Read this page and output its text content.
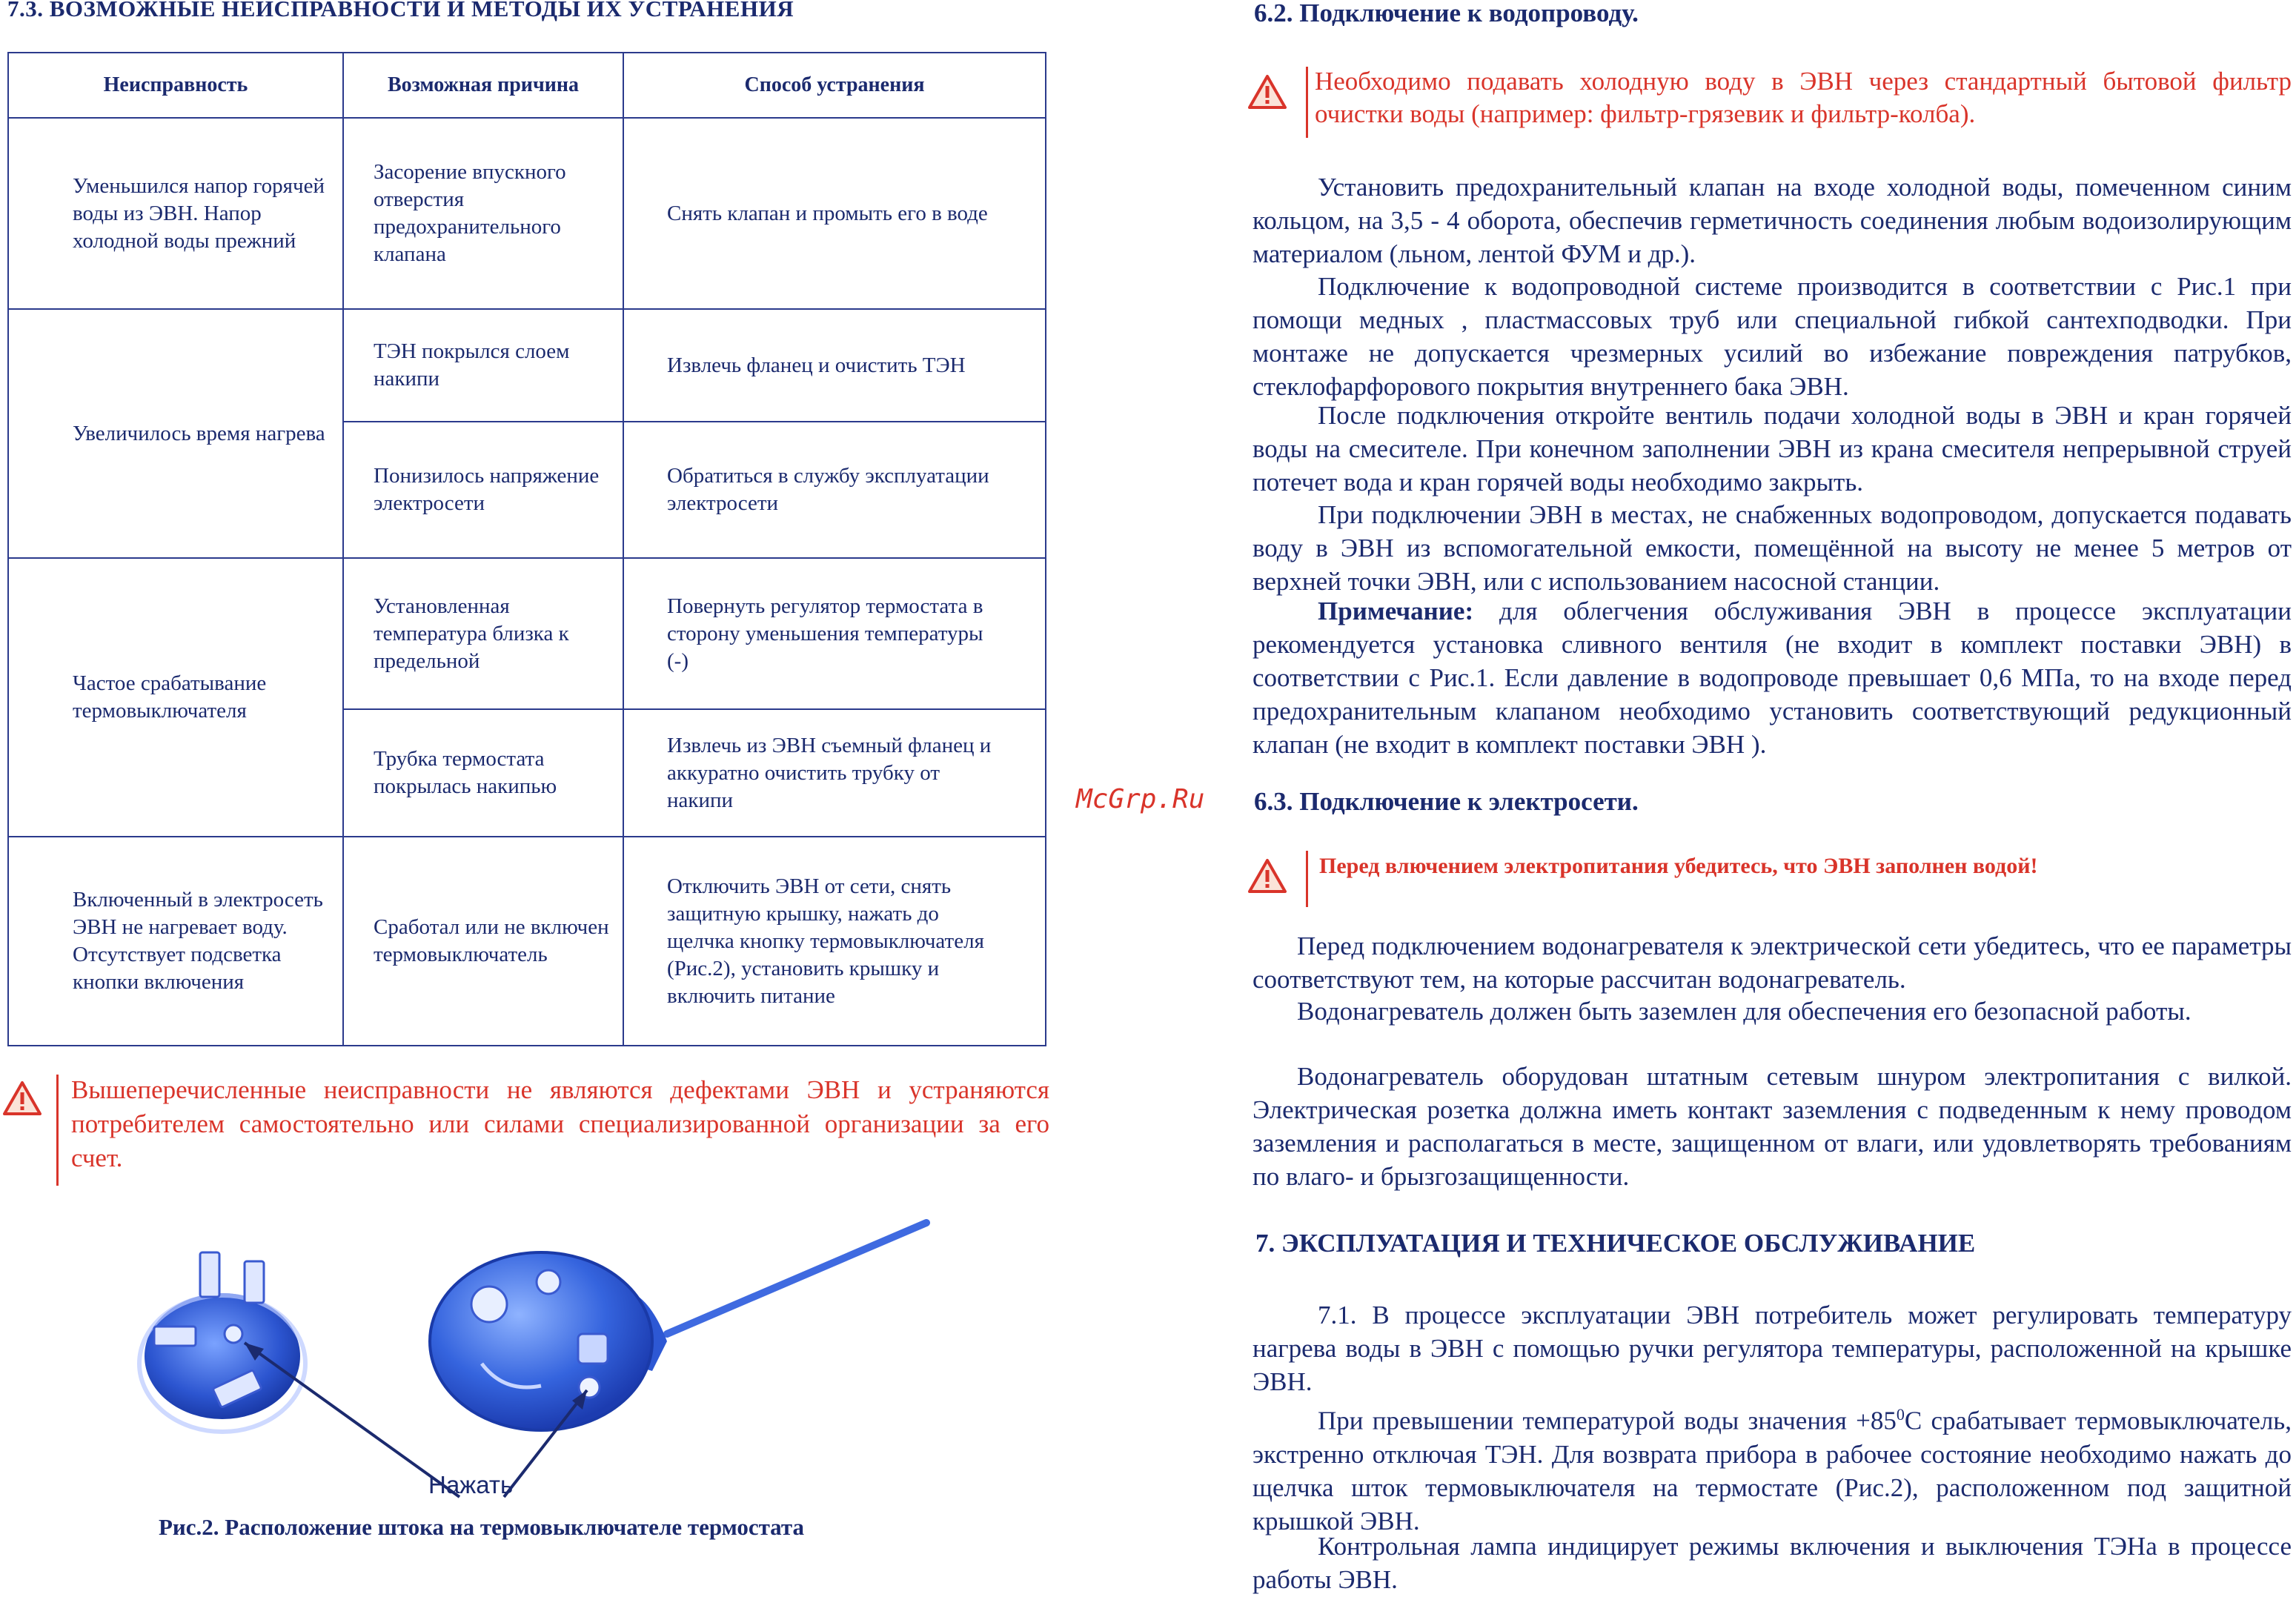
7.3. ВОЗМОЖНЫЕ НЕИСПРАВНОСТИ И МЕТОДЫ ИХ УСТРАНЕНИЯ
Неисправность	Возможная причина	Способ устранения
Уменьшился напор горячей воды из ЭВН. Напор холодной воды прежний	Засорение впускного отверстия предохранительного клапана	Снять клапан и промыть его в воде
Увеличилось время нагрева	ТЭН покрылся слоем накипи	Извлечь фланец и очистить ТЭН
	Понизилось напряжение электросети	Обратиться в службу эксплуатации электросети
Частое срабатывание термовыключателя	Установленная температура близка к предельной	Повернуть регулятор термостата в сторону уменьшения температуры (-)
	Трубка термостата покрылась накипью	Извлечь из ЭВН съемный фланец и аккуратно очистить трубку от накипи
Включенный в электросеть ЭВН не нагревает воду. Отсутствует подсветка кнопки включения	Сработал или не включен термовыключатель	Отключить ЭВН от сети, снять защитную крышку, нажать до щелчка кнопку термовыключателя (Рис.2), установить крышку и включить питание
Вышеперечисленные неисправности не являются дефектами ЭВН и устраняются потребителем самостоятельно или силами специализированной организации за его счет.
Нажать
Рис.2. Расположение штока на термовыключателе термостата
McGrp.Ru
6.2. Подключение к водопроводу.
Необходимо подавать холодную воду в ЭВН через стандартный бытовой фильтр очистки воды (например: фильтр-грязевик и фильтр-колба).
Установить предохранительный клапан на входе холодной воды, помеченном синим кольцом, на 3,5 - 4 оборота, обеспечив герметичность соединения любым водоизолирующим материалом (льном, лентой ФУМ и др.).
Подключение к водопроводной системе производится в соответствии с Рис.1 при помощи медных , пластмассовых труб или специальной гибкой сантехподводки. При монтаже не допускается чрезмерных усилий во избежание повреждения патрубков, стеклофарфорового покрытия внутреннего бака ЭВН.
После подключения откройте вентиль подачи холодной воды в ЭВН и кран горячей воды на смесителе. При конечном заполнении ЭВН из крана смесителя непрерывной струей потечет вода и кран горячей воды необходимо закрыть.
При подключении ЭВН в местах, не снабженных водопроводом, допускается подавать воду в ЭВН из вспомогательной емкости, помещённой на высоту не менее 5 метров от верхней точки ЭВН, или с использованием насосной станции.
Примечание: для облегчения обслуживания ЭВН в процессе эксплуатации рекомендуется установка сливного вентиля (не входит в комплект поставки ЭВН) в соответствии с Рис.1. Если давление в водопроводе превышает 0,6 МПа, то на входе перед предохранительным клапаном необходимо установить соответствующий редукционный клапан (не входит в комплект поставки ЭВН ).
6.3. Подключение к электросети.
Перед влючением электропитания убедитесь, что ЭВН заполнен водой!
Перед подключением водонагревателя к электрической сети убедитесь, что ее параметры соответствуют тем, на которые рассчитан водонагреватель.
Водонагреватель должен быть заземлен для обеспечения его безопасной работы.
Водонагреватель оборудован штатным сетевым шнуром электропитания с вилкой. Электрическая розетка должна иметь контакт заземления с подведенным к нему проводом заземления и располагаться в месте, защищенном от влаги, или удовлетворять требованиям по влаго- и брызгозащищенности.
7. ЭКСПЛУАТАЦИЯ И ТЕХНИЧЕСКОЕ ОБСЛУЖИВАНИЕ
7.1. В процессе эксплуатации ЭВН потребитель может регулировать температуру нагрева воды в ЭВН с помощью ручки регулятора температуры, расположенной на крышке ЭВН.
При превышении температурой воды значения $+85^0С$ срабатывает термовыключатель, экстренно отключая ТЭН. Для возврата прибора в рабочее состояние необходимо нажать до щелчка шток термовыключателя на термостате (Рис.2), расположенном под защитной крышкой ЭВН.
Контрольная лампа индицирует режимы включения и выключения ТЭНа в процессе работы ЭВН.
